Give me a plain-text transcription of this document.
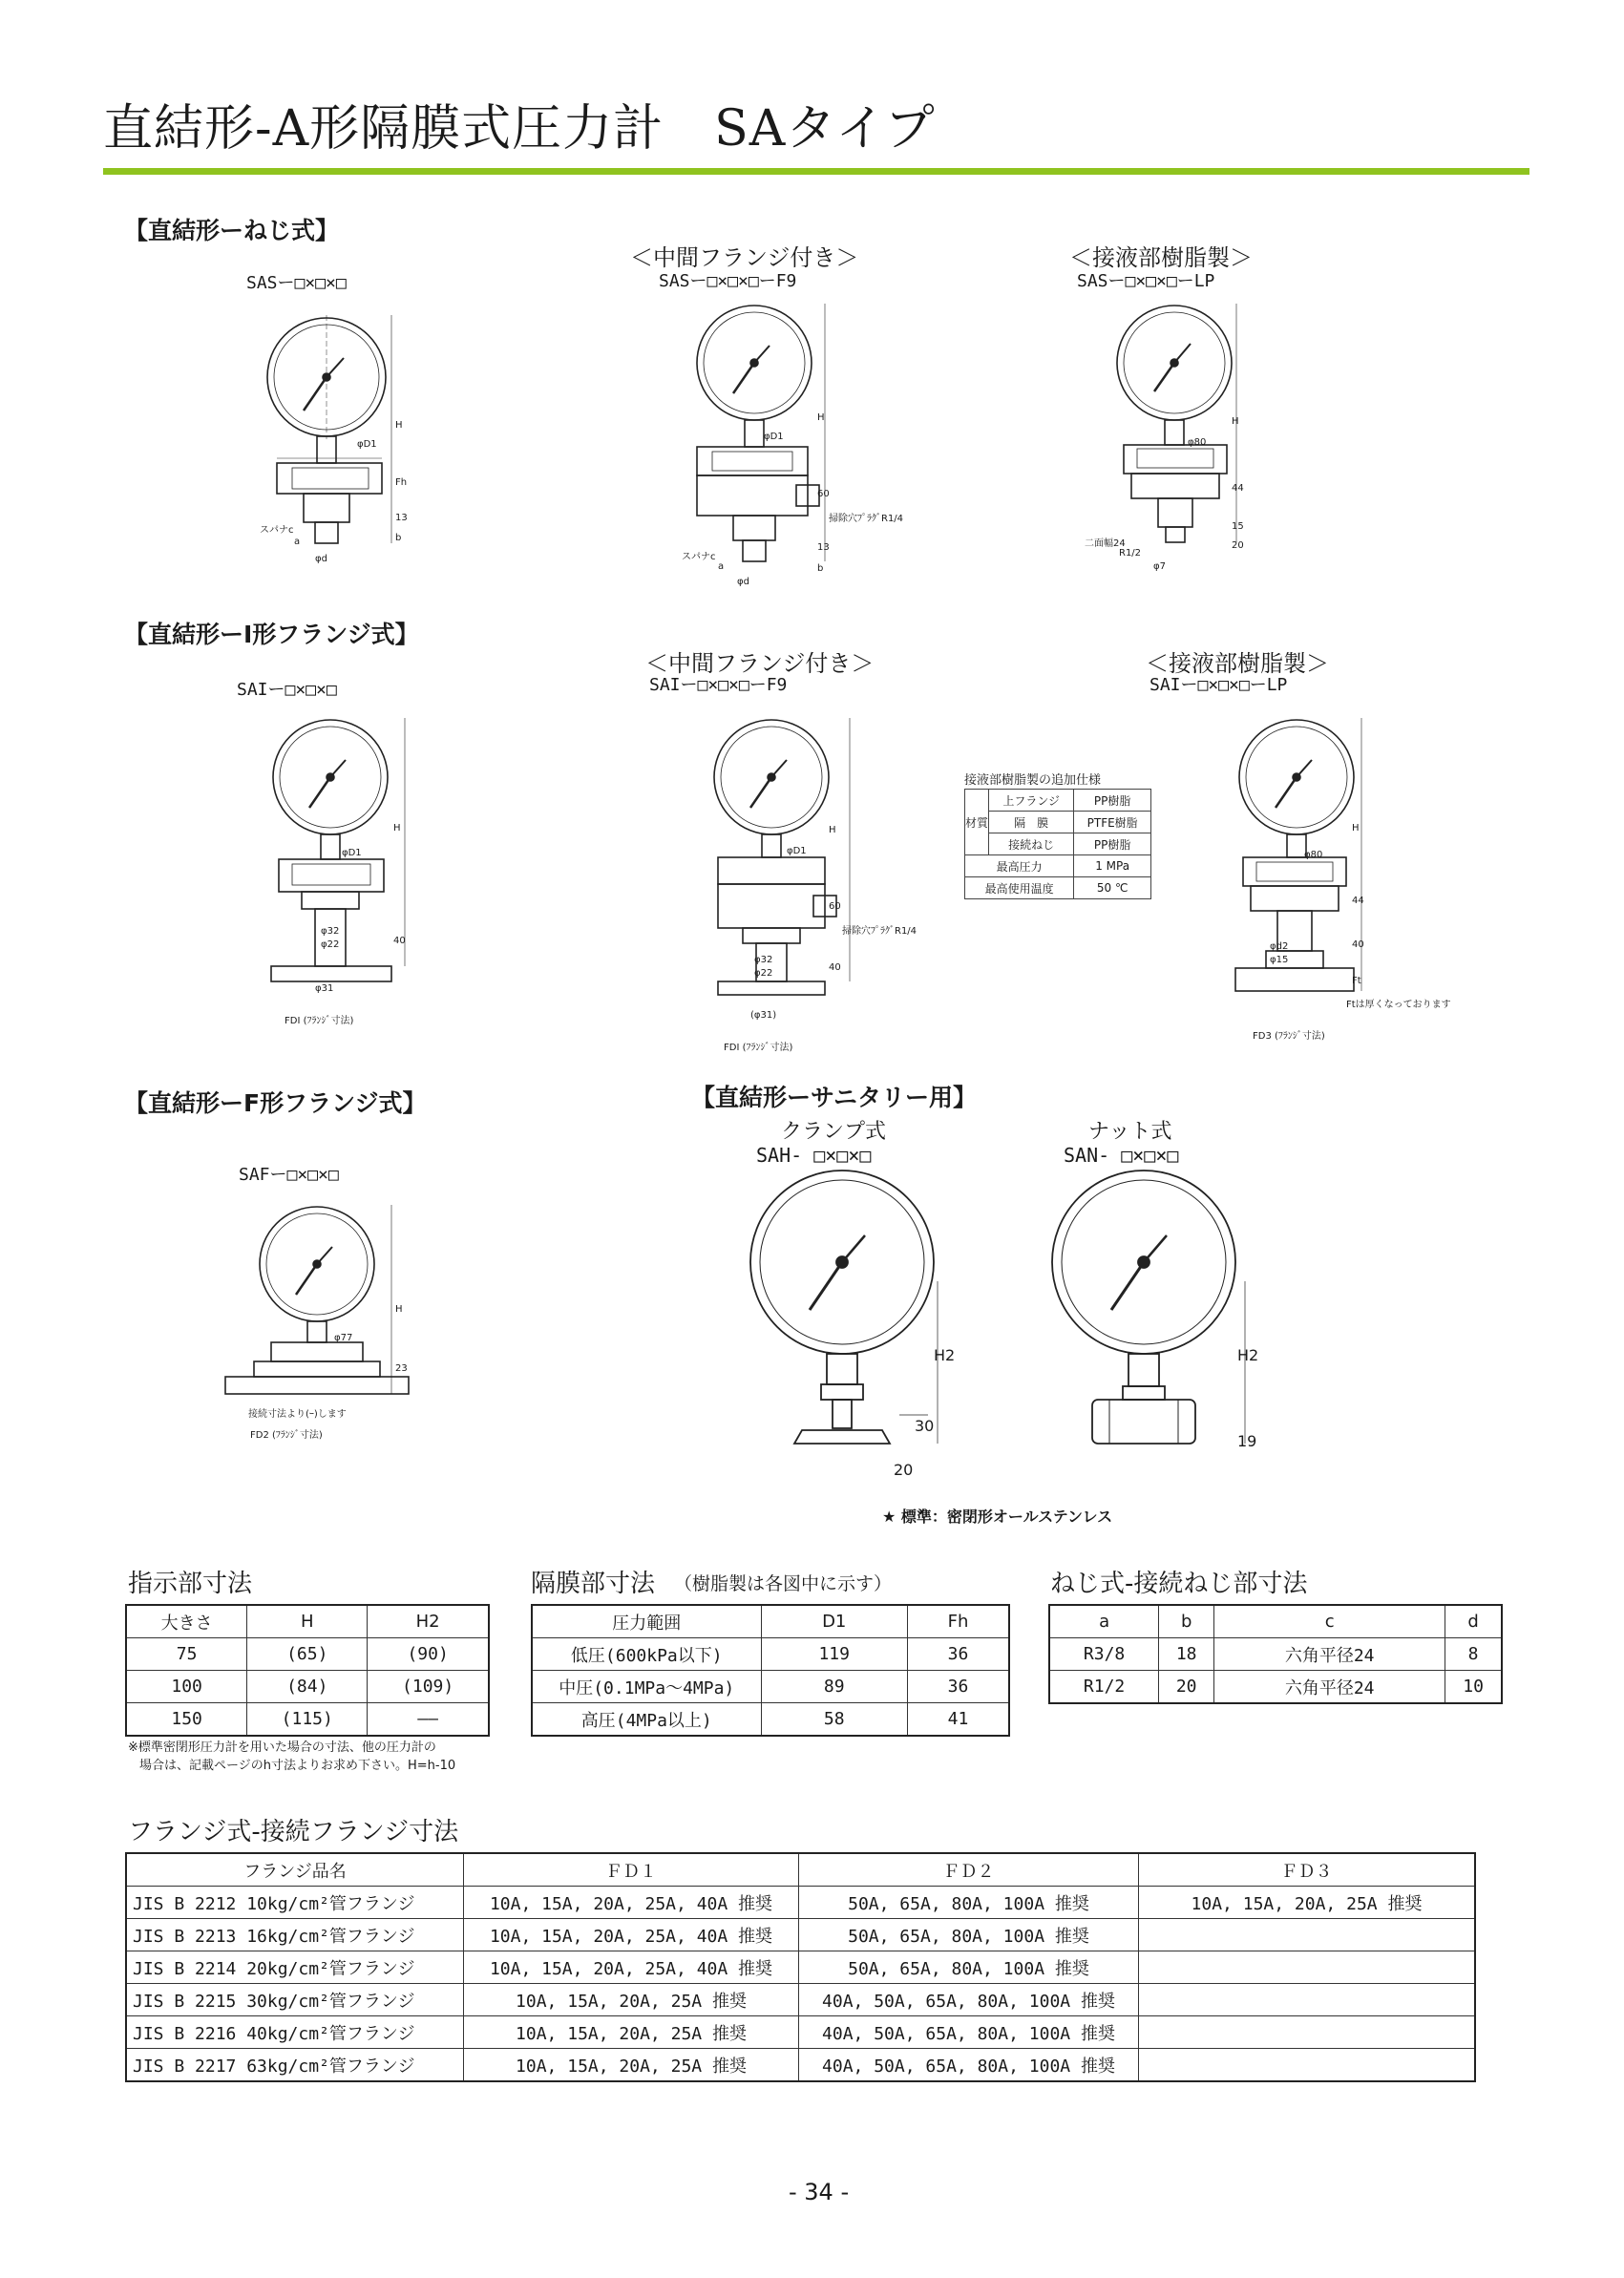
直結形-A形隔膜式圧力計　SAタイプ
【直結形ーねじ式】
SASー□×□×□
＜中間フランジ付き＞
SASー□×□×□ーF9
＜接液部樹脂製＞
SASー□×□×□ーLP
φD1
H
Fh
13
b
スパナc
a
φd
φD1
H
60
掃除穴ﾌﾟﾗｸﾞR1/4
13
スパナc
a	b
φd
φ80
H
44
15
20
二面幅24
R1/2
φ7
【直結形ーI形フランジ式】
SAIー□×□×□
＜中間フランジ付き＞
SAIー□×□×□ーF9
＜接液部樹脂製＞
SAIー□×□×□ーLP
φD1
H
40
φ32
φ22
φ31
FDI (ﾌﾗﾝｼﾞ寸法)
φD1
H
60
掃除穴ﾌﾟﾗｸﾞR1/4
40
φ32
φ22
(φ31)
FDI (ﾌﾗﾝｼﾞ寸法)
接液部樹脂製の追加仕様
材質	上フランジ	PP樹脂
	隔　膜	PTFE樹脂
	接続ねじ	PP樹脂
最高圧力		1 MPa
最高使用温度		50 ℃
φ80
H
44
40
φd2
φ15
Ft
Ftは厚くなっております
FD3 (ﾌﾗﾝｼﾞ寸法)
【直結形ーF形フランジ式】
SAFー□×□×□
φ77
H
23
接続寸法より(ｰ)します
FD2 (ﾌﾗﾝｼﾞ寸法)
【直結形ーサニタリー用】
クランプ式
SAH- □×□×□
ナット式
SAN- □×□×□
H2
30
20
H2
19
★ 標準：密閉形オールステンレス
指示部寸法
大きさ	H	H2
75	(65)	(90)
100	(84)	(109)
150	(115)	——
※標準密閉形圧力計を用いた場合の寸法、他の圧力計の
場合は、記載ページのh寸法よりお求め下さい。H=h-10
隔膜部寸法 （樹脂製は各図中に示す）
圧力範囲	D1	Fh
低圧(600kPa以下)	119	36
中圧(0.1MPa～4MPa)	89	36
高圧(4MPa以上)	58	41
ねじ式-接続ねじ部寸法
a	b	c	d
R3/8	18	六角平径24	8
R1/2	20	六角平径24	10
フランジ式-接続フランジ寸法
フランジ品名	ＦＤ１	ＦＤ２	ＦＤ３
JIS B 2212 10kg/cm²管フランジ	10A, 15A, 20A, 25A, 40A 推奨	50A, 65A, 80A, 100A 推奨	10A, 15A, 20A, 25A 推奨
JIS B 2213 16kg/cm²管フランジ	10A, 15A, 20A, 25A, 40A 推奨	50A, 65A, 80A, 100A 推奨	
JIS B 2214 20kg/cm²管フランジ	10A, 15A, 20A, 25A, 40A 推奨	50A, 65A, 80A, 100A 推奨	
JIS B 2215 30kg/cm²管フランジ	10A, 15A, 20A, 25A 推奨	40A, 50A, 65A, 80A, 100A 推奨	
JIS B 2216 40kg/cm²管フランジ	10A, 15A, 20A, 25A 推奨	40A, 50A, 65A, 80A, 100A 推奨	
JIS B 2217 63kg/cm²管フランジ	10A, 15A, 20A, 25A 推奨	40A, 50A, 65A, 80A, 100A 推奨	
- 34 -
